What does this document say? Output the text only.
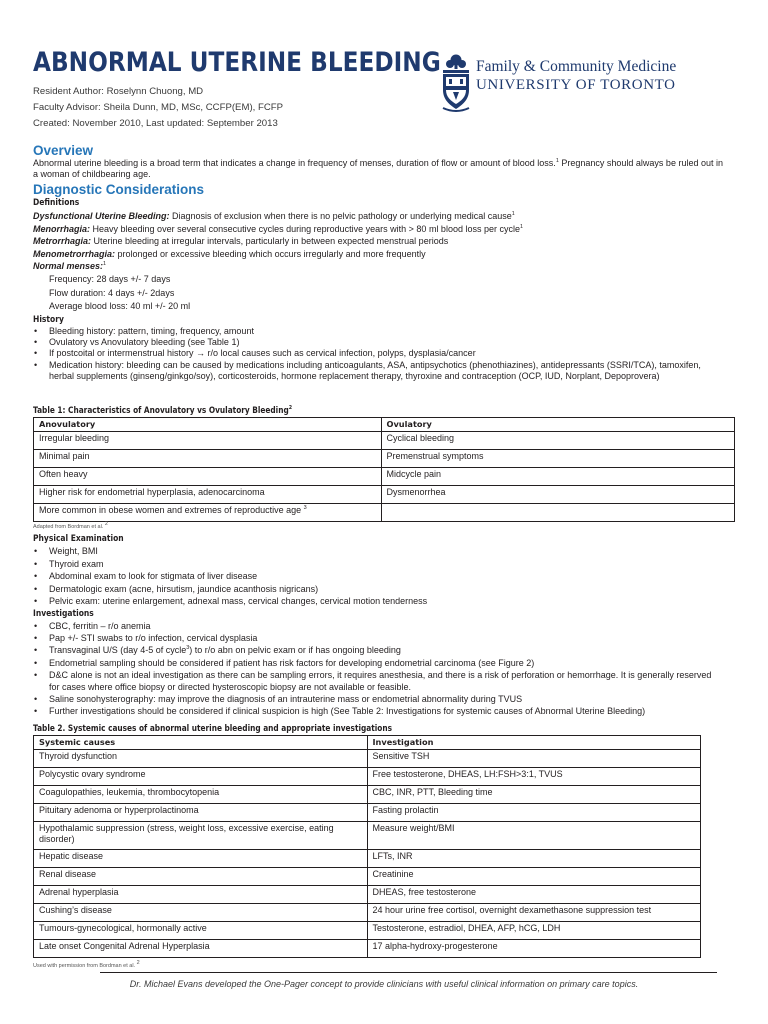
ABNORMAL UTERINE BLEEDING
Resident Author: Roselynn Chuong, MD
Faculty Advisor: Sheila Dunn, MD, MSc, CCFP(EM), FCFP
Created: November 2010, Last updated: September 2013
Family & Community Medicine
UNIVERSITY OF TORONTO
Overview
Abnormal uterine bleeding is a broad term that indicates a change in frequency of menses, duration of flow or amount of blood loss.$^1$ Pregnancy should always be ruled out in a woman of childbearing age.
Diagnostic Considerations
Definitions
Dysfunctional Uterine Bleeding: Diagnosis of exclusion when there is no pelvic pathology or underlying medical cause$^1$
Menorrhagia: Heavy bleeding over several consecutive cycles during reproductive years with > 80 ml blood loss per cycle$^1$
Metrorrhagia: Uterine bleeding at irregular intervals, particularly in between expected menstrual periods
Menometrorrhagia: prolonged or excessive bleeding which occurs irregularly and more frequently
Normal menses:$^1$
Frequency: 28 days +/- 7 days
Flow duration: 4 days +/- 2days
Average blood loss: 40 ml +/- 20 ml
History
• Bleeding history: pattern, timing, frequency, amount
• Ovulatory vs Anovulatory bleeding (see Table 1)
• If postcoital or intermenstrual history → r/o local causes such as cervical infection, polyps, dysplasia/cancer
• Medication history: bleeding can be caused by medications including anticoagulants, ASA, antipsychotics (phenothiazines), antidepressants (SSRI/TCA), tamoxifen, herbal supplements (ginseng/ginkgo/soy), corticosteroids, hormone replacement therapy, thyroxine and contraception (OCP, IUD, Norplant, Depoprovera)
Table 1: Characteristics of Anovulatory vs Ovulatory Bleeding$^2$
Anovulatory	Ovulatory
Irregular bleeding	Cyclical bleeding
Minimal pain	Premenstrual symptoms
Often heavy	Midcycle pain
Higher risk for endometrial hyperplasia, adenocarcinoma	Dysmenorrhea
More common in obese women and extremes of reproductive age $^3$	
Adapted from Bordman et al. 2
Physical Examination
• Weight, BMI
• Thyroid exam
• Abdominal exam to look for stigmata of liver disease
• Dermatologic exam (acne, hirsutism, jaundice acanthosis nigricans)
• Pelvic exam: uterine enlargement, adnexal mass, cervical changes, cervical motion tenderness
Investigations
• CBC, ferritin – r/o anemia
• Pap +/- STI swabs to r/o infection, cervical dysplasia
• Transvaginal U/S (day 4-5 of cycle$^3$) to r/o abn on pelvic exam or if has ongoing bleeding
• Endometrial sampling should be considered if patient has risk factors for developing endometrial carcinoma (see Figure 2)
• D&C alone is not an ideal investigation as there can be sampling errors, it requires anesthesia, and there is a risk of perforation or hemorrhage. It is generally reserved for cases where office biopsy or directed hysteroscopic biopsy are not available or feasible.
• Saline sonohysterography: may improve the diagnosis of an intrauterine mass or endometrial abnormality during TVUS
• Further investigations should be considered if clinical suspicion is high (See Table 2: Investigations for systemic causes of Abnormal Uterine Bleeding)
Table 2. Systemic causes of abnormal uterine bleeding and appropriate investigations
Systemic causes	Investigation
Thyroid dysfunction	Sensitive TSH
Polycystic ovary syndrome	Free testosterone, DHEAS, LH:FSH>3:1, TVUS
Coagulopathies, leukemia, thrombocytopenia	CBC, INR, PTT, Bleeding time
Pituitary adenoma or hyperprolactinoma	Fasting prolactin
Hypothalamic suppression (stress, weight loss, excessive exercise, eating disorder)	Measure weight/BMI
Hepatic disease	LFTs, INR
Renal disease	Creatinine
Adrenal hyperplasia	DHEAS, free testosterone
Cushing’s disease	24 hour urine free cortisol, overnight dexamethasone suppression test
Tumours-gynecological, hormonally active	Testosterone, estradiol, DHEA, AFP, hCG, LDH
Late onset Congenital Adrenal Hyperplasia	17 alpha-hydroxy-progesterone
Used with permission from Bordman et al. 2
Dr. Michael Evans developed the One-Pager concept to provide clinicians with useful clinical information on primary care topics.
